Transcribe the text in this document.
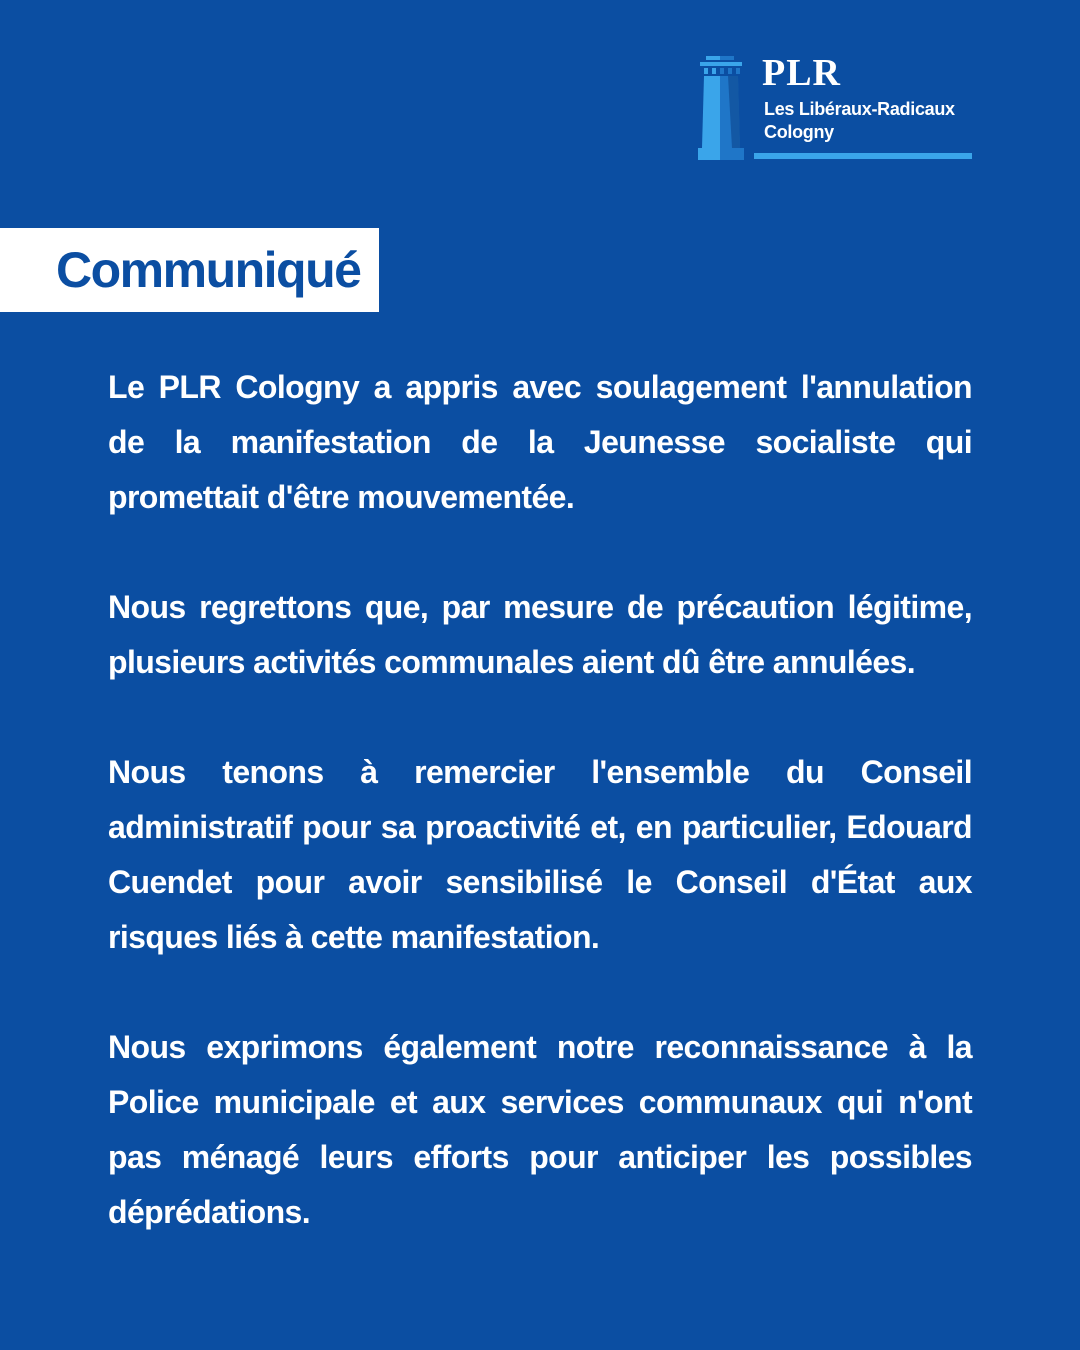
PLR
Les Libéraux-Radicaux
Cologny
Communiqué

Le PLR Cologny a appris avec soulagement l'annulation de la manifestation de la Jeunesse socialiste qui promettait d'être mouvementée.

Nous regrettons que, par mesure de précaution légitime, plusieurs activités communales aient dû être annulées.

Nous tenons à remercier l'ensemble du Conseil administratif pour sa proactivité et, en particulier, Edouard Cuendet pour avoir sensibilisé le Conseil d'État aux risques liés à cette manifestation.

Nous exprimons également notre reconnaissance à la Police municipale et aux services communaux qui n'ont pas ménagé leurs efforts pour anticiper les possibles déprédations.
